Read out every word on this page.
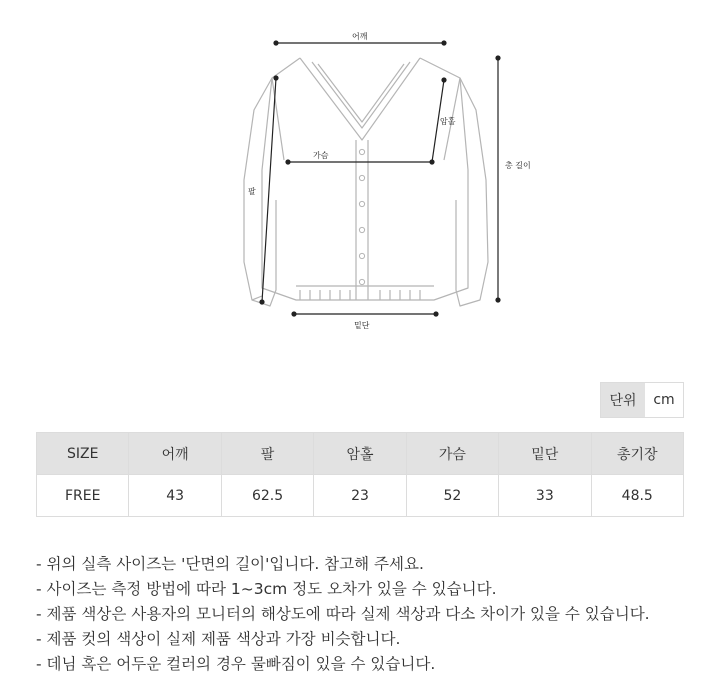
어깨
암홀
가슴
총 길이
팔
밑단
단위	cm
SIZE	어깨	팔	암홀	가슴	밑단	총기장
FREE	43	62.5	23	52	33	48.5
- 위의 실측 사이즈는 '단면의 길이'입니다. 참고해 주세요.
- 사이즈는 측정 방법에 따라 1~3cm 정도 오차가 있을 수 있습니다.
- 제품 색상은 사용자의 모니터의 해상도에 따라 실제 색상과 다소 차이가 있을 수 있습니다.
- 제품 컷의 색상이 실제 제품 색상과 가장 비슷합니다.
- 데님 혹은 어두운 컬러의 경우 물빠짐이 있을 수 있습니다.
